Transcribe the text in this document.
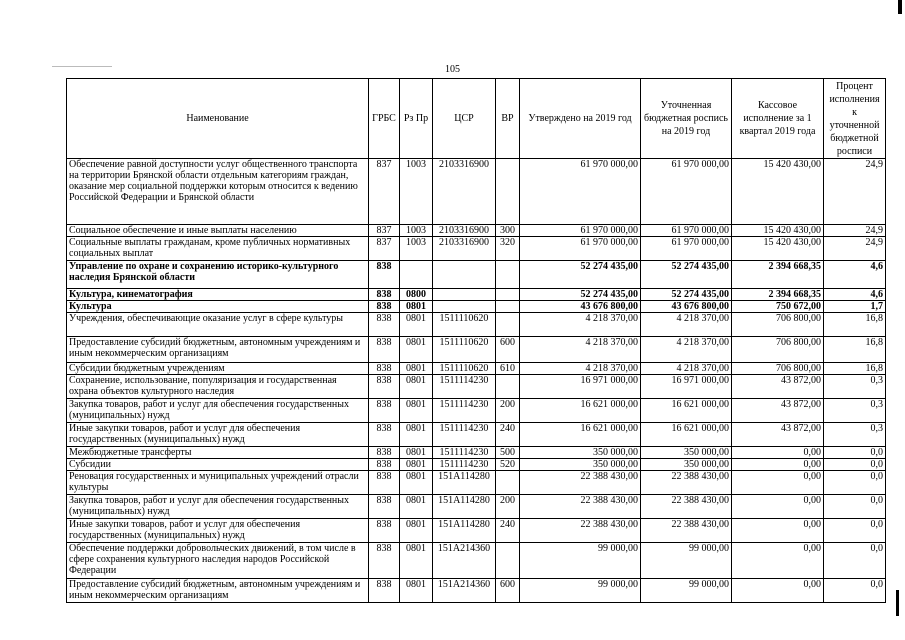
105
Наименование	ГРБС	Рз Пр	ЦСР	ВР	Утверждено на 2019 год	Уточненная бюджетная роспись на 2019 год	Кассовое исполнение за 1 квартал 2019 года	Процент исполнения к уточненной бюджетной росписи
Обеспечение равной доступности услуг общественного транспорта на территории Брянской области отдельным категориям граждан, оказание мер социальной поддержки которым относится к ведению Российской Федерации и Брянской области	837	1003	2103316900		61 970 000,00	61 970 000,00	15 420 430,00	24,9
Социальное обеспечение и иные выплаты населению	837	1003	2103316900	300	61 970 000,00	61 970 000,00	15 420 430,00	24,9
Социальные выплаты гражданам, кроме публичных нормативных социальных выплат	837	1003	2103316900	320	61 970 000,00	61 970 000,00	15 420 430,00	24,9
Управление по охране и сохранению историко-культурного наследия Брянской области	838				52 274 435,00	52 274 435,00	2 394 668,35	4,6
Культура, кинематография	838	0800			52 274 435,00	52 274 435,00	2 394 668,35	4,6
Культура	838	0801			43 676 800,00	43 676 800,00	750 672,00	1,7
Учреждения, обеспечивающие оказание услуг в сфере культуры	838	0801	1511110620		4 218 370,00	4 218 370,00	706 800,00	16,8
Предоставление субсидий бюджетным, автономным учреждениям и иным некоммерческим организациям	838	0801	1511110620	600	4 218 370,00	4 218 370,00	706 800,00	16,8
Субсидии бюджетным учреждениям	838	0801	1511110620	610	4 218 370,00	4 218 370,00	706 800,00	16,8
Сохранение, использование, популяризация и государственная охрана объектов культурного наследия	838	0801	1511114230		16 971 000,00	16 971 000,00	43 872,00	0,3
Закупка товаров, работ и услуг для обеспечения государственных (муниципальных) нужд	838	0801	1511114230	200	16 621 000,00	16 621 000,00	43 872,00	0,3
Иные закупки товаров, работ и услуг для обеспечения государственных (муниципальных) нужд	838	0801	1511114230	240	16 621 000,00	16 621 000,00	43 872,00	0,3
Межбюджетные трансферты	838	0801	1511114230	500	350 000,00	350 000,00	0,00	0,0
Субсидии	838	0801	1511114230	520	350 000,00	350 000,00	0,00	0,0
Реновация государственных и муниципальных учреждений отрасли культуры	838	0801	151A114280		22 388 430,00	22 388 430,00	0,00	0,0
Закупка товаров, работ и услуг для обеспечения государственных (муниципальных) нужд	838	0801	151A114280	200	22 388 430,00	22 388 430,00	0,00	0,0
Иные закупки товаров, работ и услуг для обеспечения государственных (муниципальных) нужд	838	0801	151A114280	240	22 388 430,00	22 388 430,00	0,00	0,0
Обеспечение поддержки добровольческих движений, в том числе в сфере сохранения культурного наследия народов Российской Федерации	838	0801	151A214360		99 000,00	99 000,00	0,00	0,0
Предоставление субсидий бюджетным, автономным учреждениям и иным некоммерческим организациям	838	0801	151A214360	600	99 000,00	99 000,00	0,00	0,0
